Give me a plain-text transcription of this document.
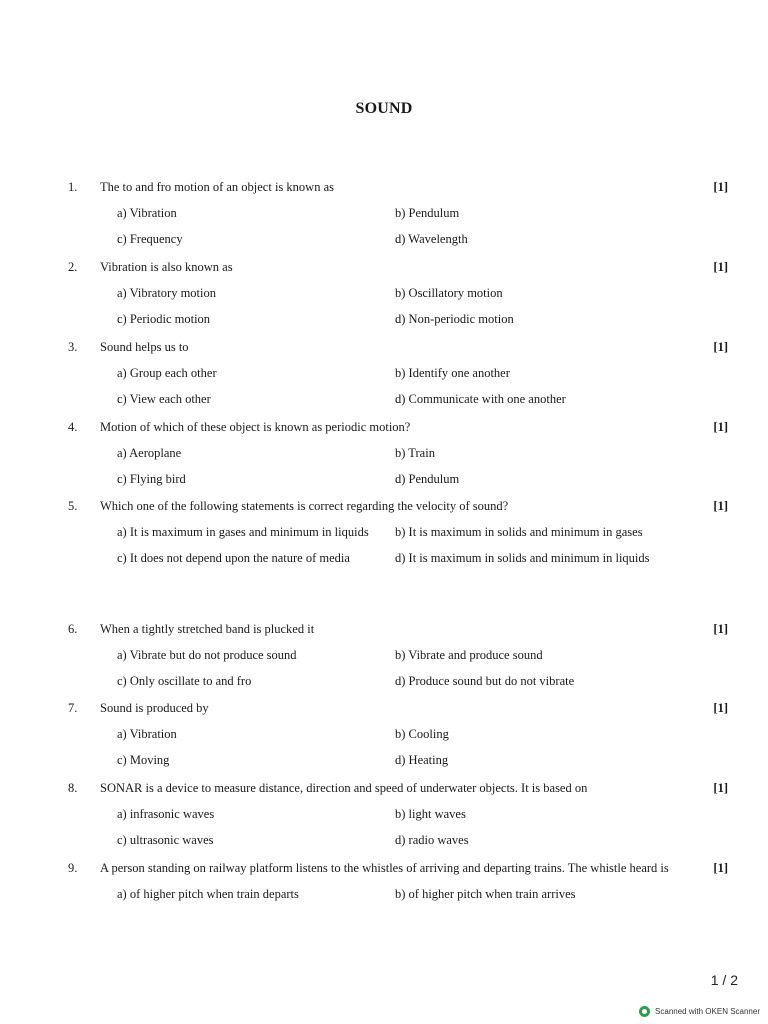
SOUND
1. The to and fro motion of an object is known as	[1]
a) Vibration	b) Pendulum
c) Frequency	d) Wavelength
2. Vibration is also known as	[1]
a) Vibratory motion	b) Oscillatory motion
c) Periodic motion	d) Non-periodic motion
3. Sound helps us to	[1]
a) Group each other	b) Identify one another
c) View each other	d) Communicate with one another
4. Motion of which of these object is known as periodic motion?	[1]
a) Aeroplane	b) Train
c) Flying bird	d) Pendulum
5. Which one of the following statements is correct regarding the velocity of sound?	[1]
a) It is maximum in gases and minimum in liquids b) It is maximum in solids and minimum in gases
c) It does not depend upon the nature of media	d) It is maximum in solids and minimum in liquids
6. When a tightly stretched band is plucked it	[1]
a) Vibrate but do not produce sound	b) Vibrate and produce sound
c) Only oscillate to and fro	d) Produce sound but do not vibrate
7. Sound is produced by	[1]
a) Vibration	b) Cooling
c) Moving	d) Heating
8. SONAR is a device to measure distance, direction and speed of underwater objects. It is based on	[1]
a) infrasonic waves	b) light waves
c) ultrasonic waves	d) radio waves
9. A person standing on railway platform listens to the whistles of arriving and departing trains. The whistle heard is	[1]
a) of higher pitch when train departs	b) of higher pitch when train arrives
1 / 2
Scanned with OKEN Scanner
